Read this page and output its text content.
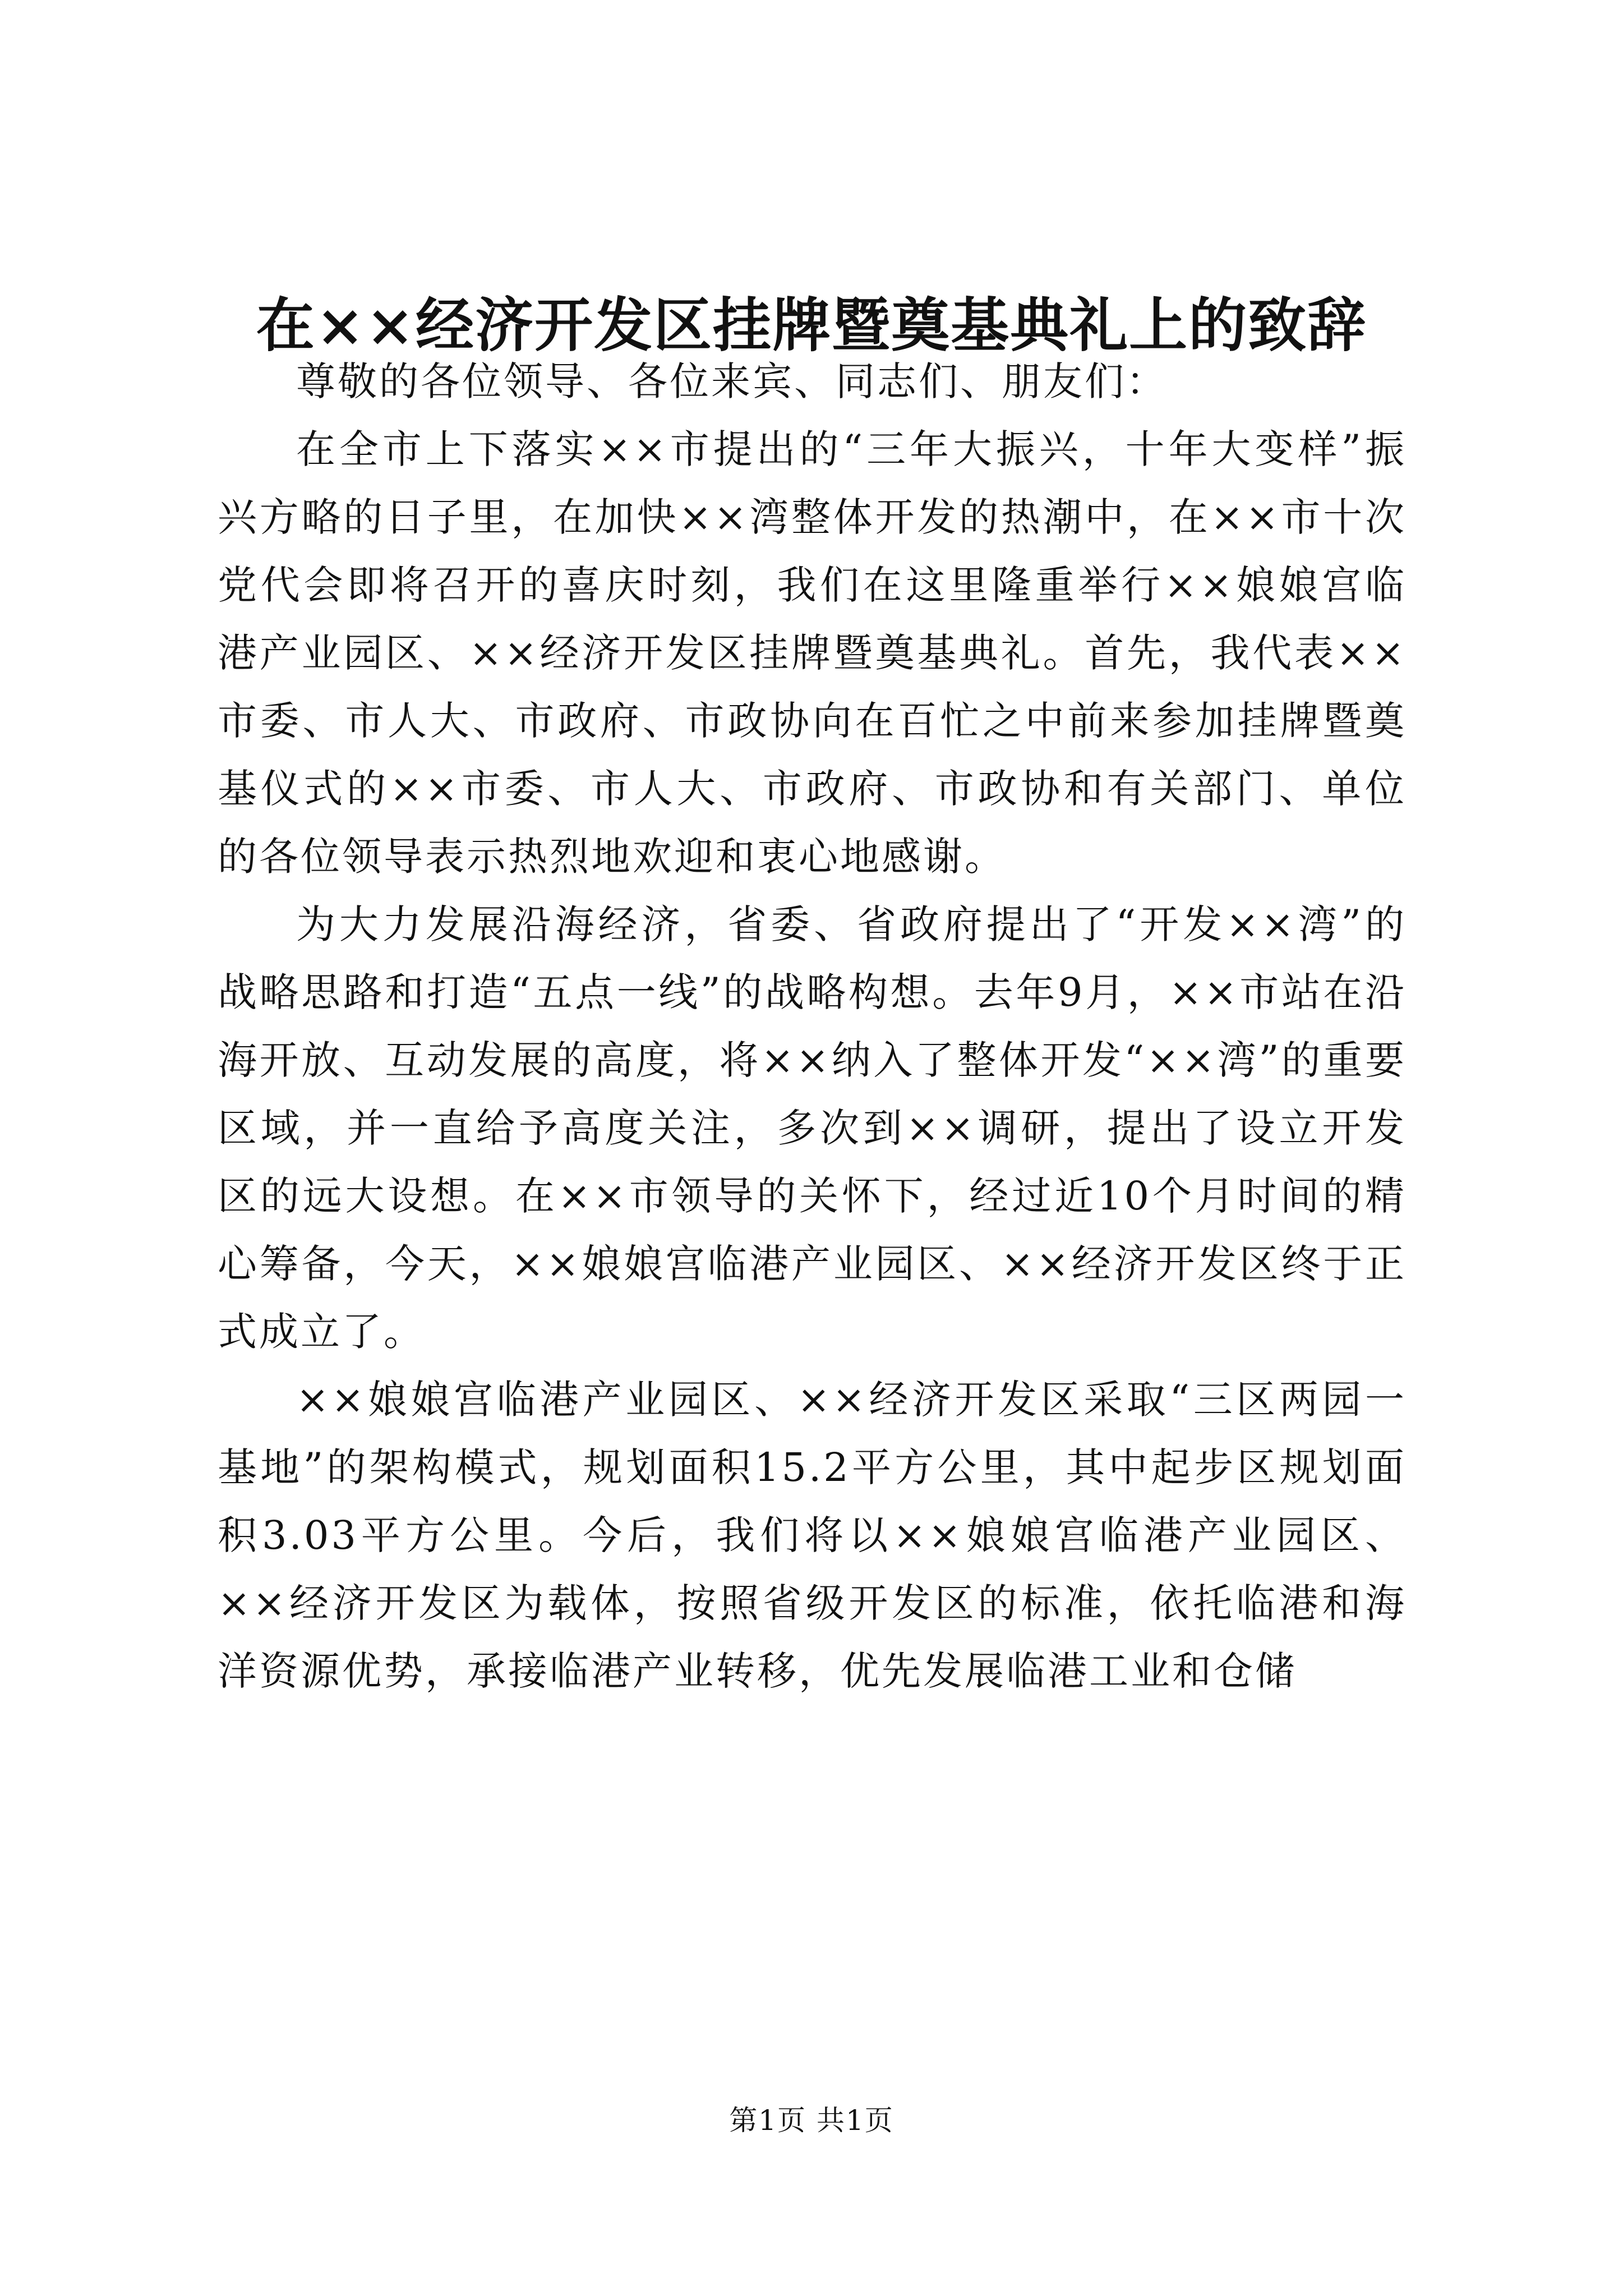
在××经济开发区挂牌暨奠基典礼上的致辞

尊敬的各位领导、各位来宾、同志们、朋友们：

在全市上下落实××市提出的“三年大振兴，十年大变样”振兴方略的日子里，在加快××湾整体开发的热潮中，在××市十次党代会即将召开的喜庆时刻，我们在这里隆重举行××娘娘宫临港产业园区、××经济开发区挂牌暨奠基典礼。首先，我代表××市委、市人大、市政府、市政协向在百忙之中前来参加挂牌暨奠基仪式的××市委、市人大、市政府、市政协和有关部门、单位的各位领导表示热烈地欢迎和衷心地感谢。

为大力发展沿海经济，省委、省政府提出了“开发××湾”的战略思路和打造“五点一线”的战略构想。去年9月，××市站在沿海开放、互动发展的高度，将××纳入了整体开发“××湾”的重要区域，并一直给予高度关注，多次到××调研，提出了设立开发区的远大设想。在××市领导的关怀下，经过近10个月时间的精心筹备，今天，××娘娘宫临港产业园区、××经济开发区终于正式成立了。

××娘娘宫临港产业园区、××经济开发区采取“三区两园一基地”的架构模式，规划面积15.2平方公里，其中起步区规划面积3.03平方公里。今后，我们将以××娘娘宫临港产业园区、××经济开发区为载体，按照省级开发区的标准，依托临港和海洋资源优势，承接临港产业转移，优先发展临港工业和仓储

第1页 共1页
